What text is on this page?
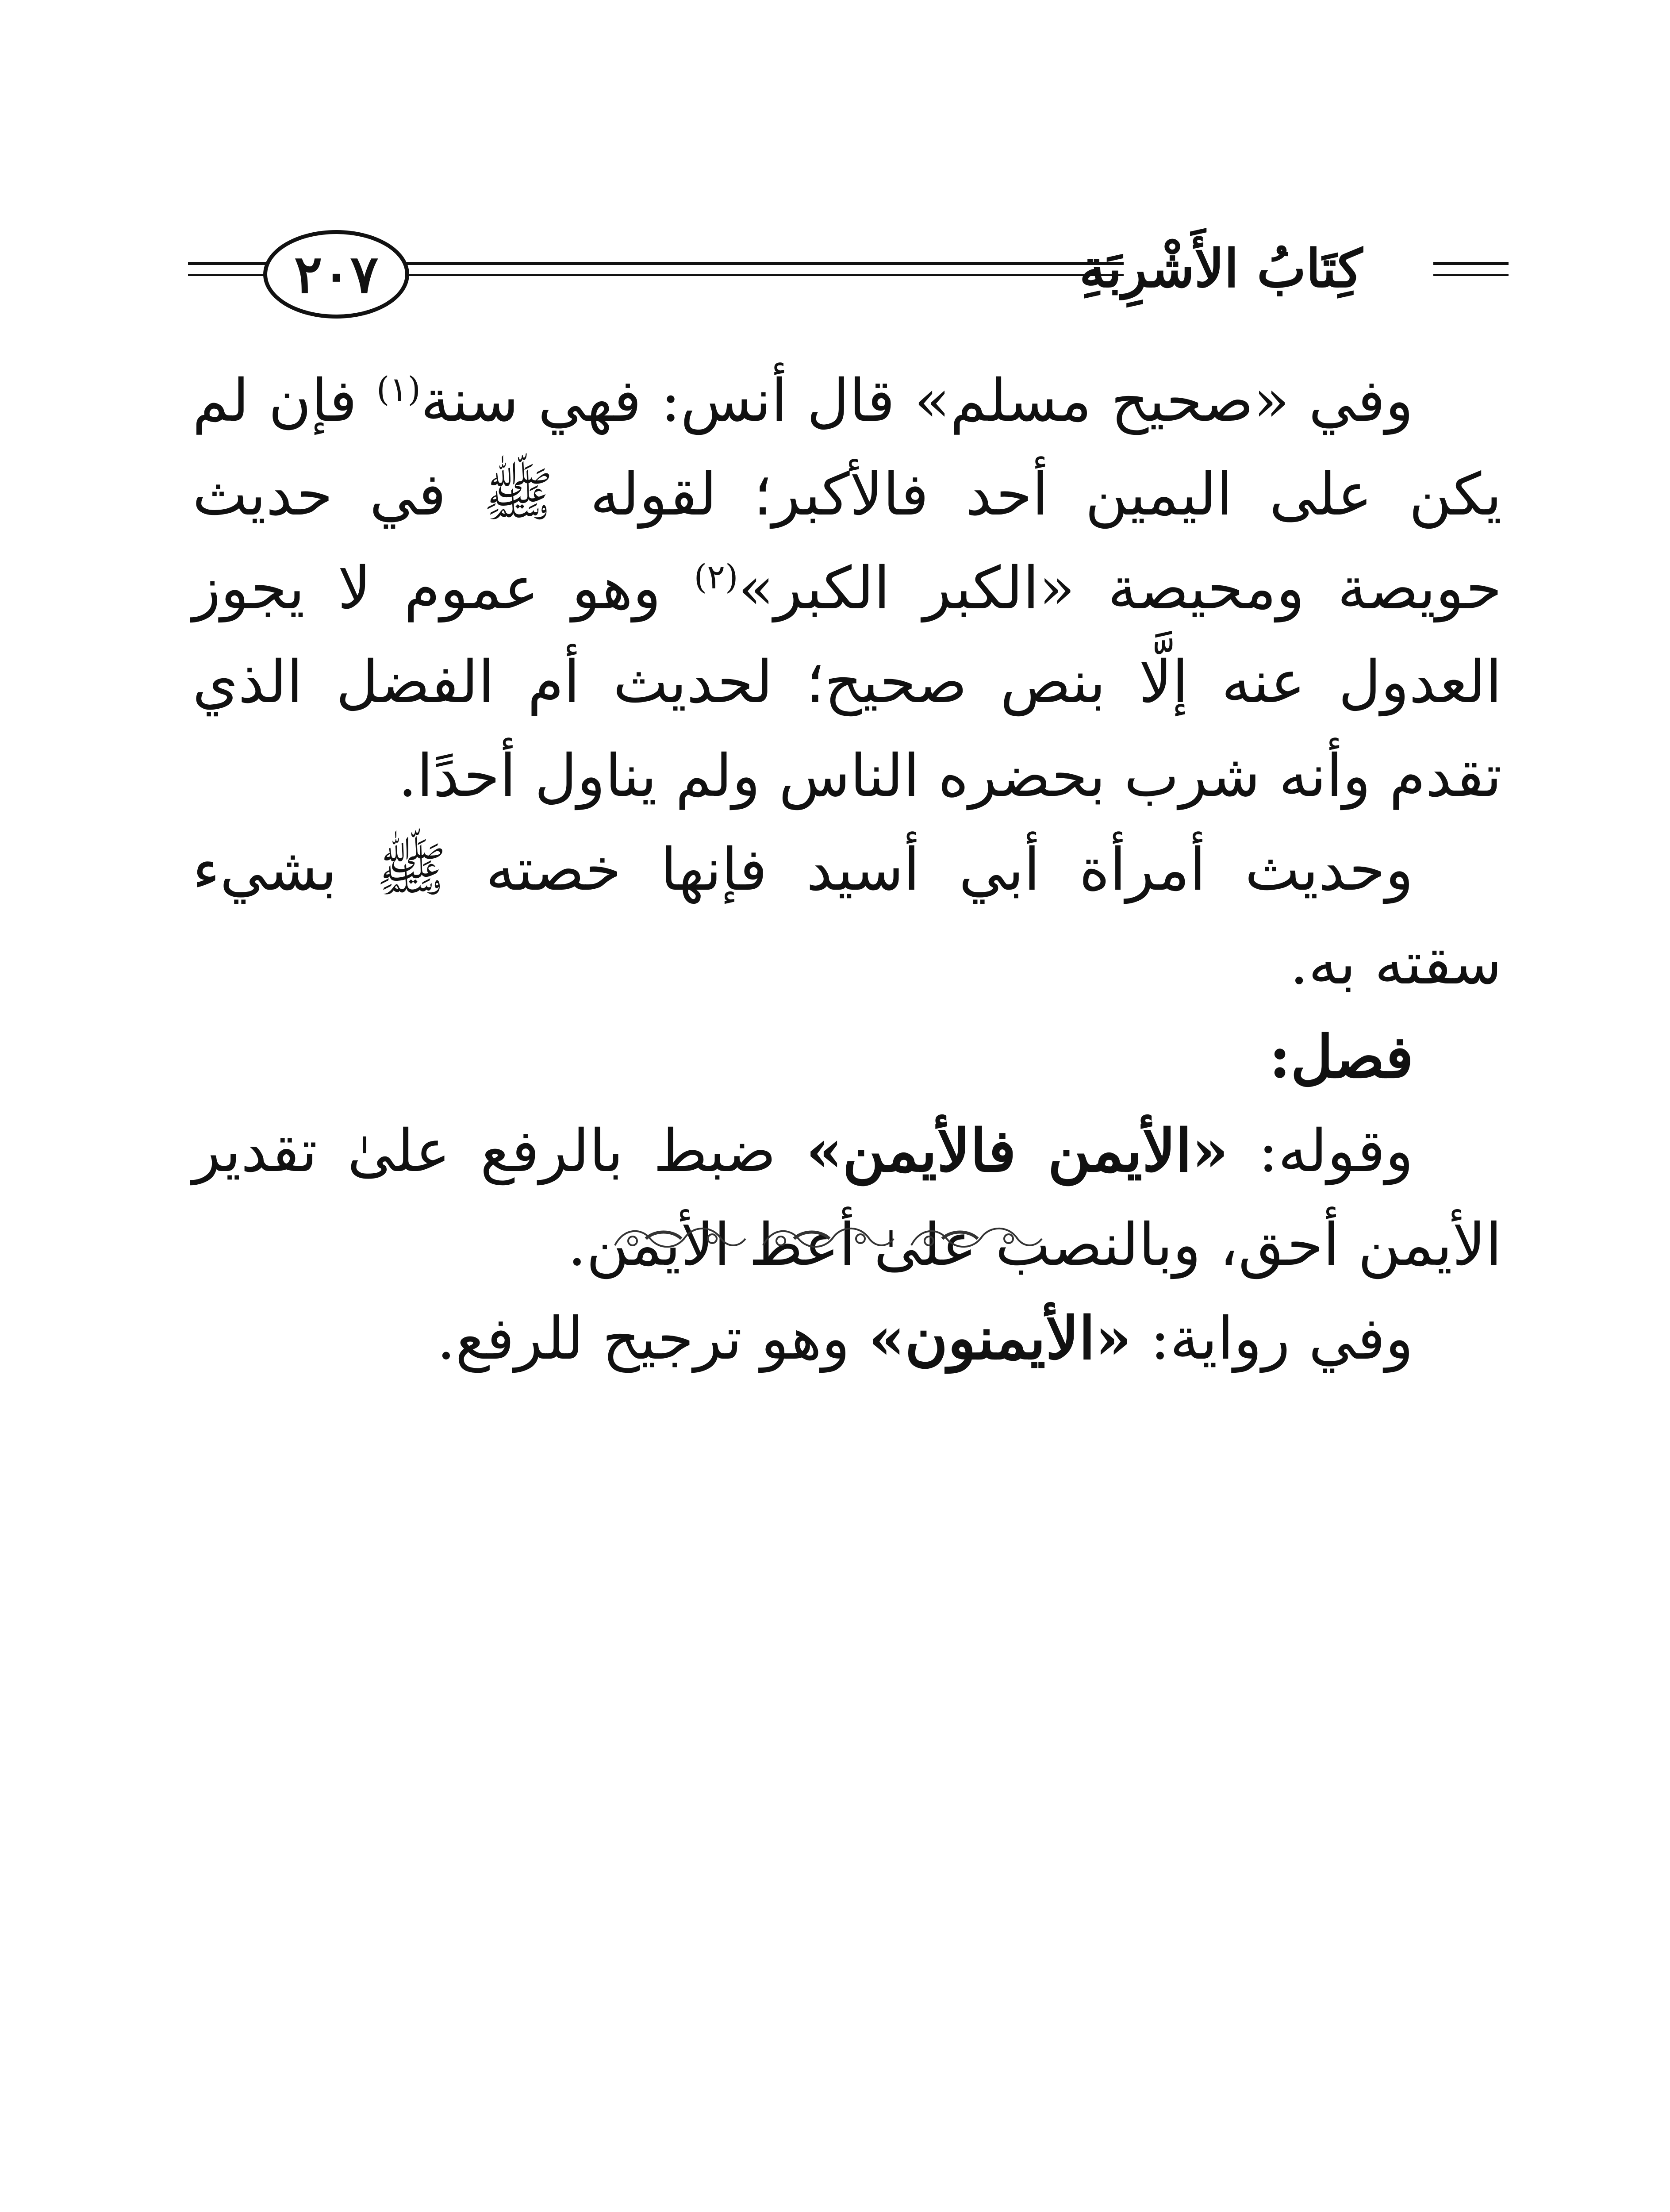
كِتَابُ الأَشْرِبَةِ
٢٠٧

وفي «صحيح مسلم» قال أنس: فهي سنة$^{(١)}$ فإن لم يكن على اليمين أحد فالأكبر؛ لقوله ﷺ في حديث حويصة ومحيصة «الكبر الكبر»$^{(٢)}$ وهو عموم لا يجوز العدول عنه إلَّا بنص صحيح؛ لحديث أم الفضل الذي تقدم وأنه شرب بحضره الناس ولم يناول أحدًا.

وحديث أمرأة أبي أسيد فإنها خصته ﷺ بشيء سقته به.

فصل:

وقوله: «الأيمن فالأيمن» ضبط بالرفع علىٰ تقدير الأيمن أحق، وبالنصب علىٰ أعط الأيمن.

وفي رواية: «الأيمنون» وهو ترجيح للرفع.
